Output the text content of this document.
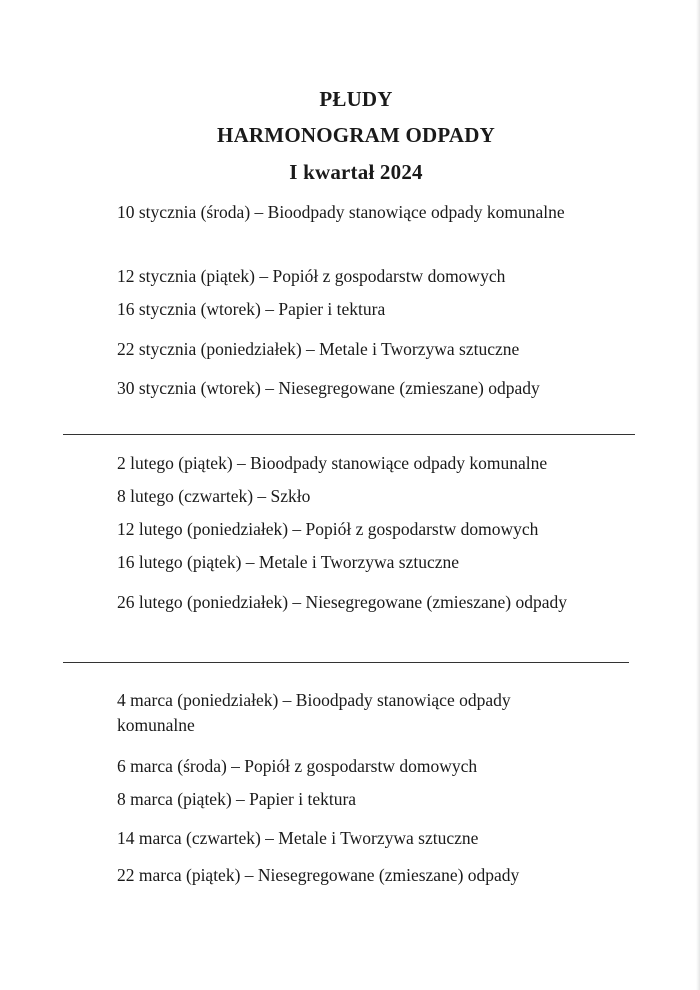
PŁUDY
HARMONOGRAM ODPADY
I kwartał 2024
10 stycznia (środa) – Bioodpady stanowiące odpady komunalne
12 stycznia (piątek) – Popiół z gospodarstw domowych
16 stycznia (wtorek) – Papier i tektura
22 stycznia (poniedziałek) – Metale i Tworzywa sztuczne
30 stycznia (wtorek) – Niesegregowane (zmieszane) odpady
2 lutego (piątek) – Bioodpady stanowiące odpady komunalne
8 lutego (czwartek) – Szkło
12 lutego (poniedziałek) – Popiół z gospodarstw domowych
16 lutego (piątek) – Metale i Tworzywa sztuczne
26 lutego (poniedziałek) – Niesegregowane (zmieszane) odpady
4 marca (poniedziałek) – Bioodpady stanowiące odpady komunalne
6 marca (środa) – Popiół z gospodarstw domowych
8 marca (piątek) – Papier i tektura
14 marca (czwartek) – Metale i Tworzywa sztuczne
22 marca (piątek) – Niesegregowane (zmieszane) odpady
